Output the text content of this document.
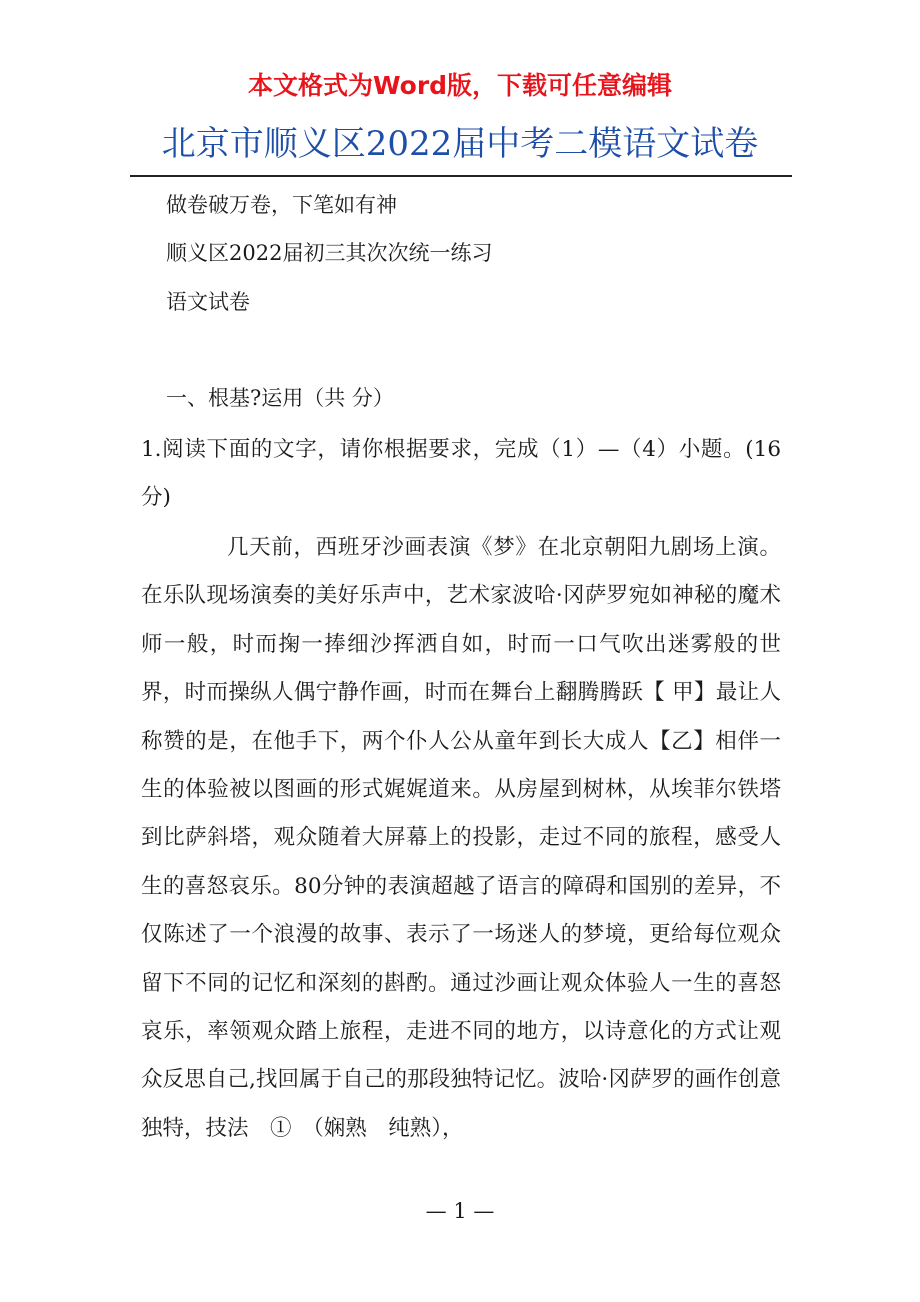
本文格式为Word版，下载可任意编辑
北京市顺义区2022届中考二模语文试卷
做卷破万卷，下笔如有神
顺义区2022届初三其次次统一练习
语文试卷
一、根基?运用（共 分）
1.阅读下面的文字，请你根据要求，完成（1）—（4）小题。(16分)
几天前，西班牙沙画表演《梦》在北京朝阳九剧场上演。在乐队现场演奏的美好乐声中，艺术家波哈·冈萨罗宛如神秘的魔术师一般，时而掬一捧细沙挥洒自如，时而一口气吹出迷雾般的世界，时而操纵人偶宁静作画，时而在舞台上翻腾腾跃【 甲】最让人称赞的是，在他手下，两个仆人公从童年到长大成人【乙】相伴一生的体验被以图画的形式娓娓道来。从房屋到树林，从埃菲尔铁塔到比萨斜塔，观众随着大屏幕上的投影，走过不同的旅程，感受人生的喜怒哀乐。80分钟的表演超越了语言的障碍和国别的差异，不仅陈述了一个浪漫的故事、表示了一场迷人的梦境，更给每位观众留下不同的记忆和深刻的斟酌。通过沙画让观众体验人一生的喜怒哀乐，率领观众踏上旅程，走进不同的地方，以诗意化的方式让观众反思自己,找回属于自己的那段独特记忆。波哈·冈萨罗的画作创意独特，技法　①　（娴熟　纯熟），
— 1 —
